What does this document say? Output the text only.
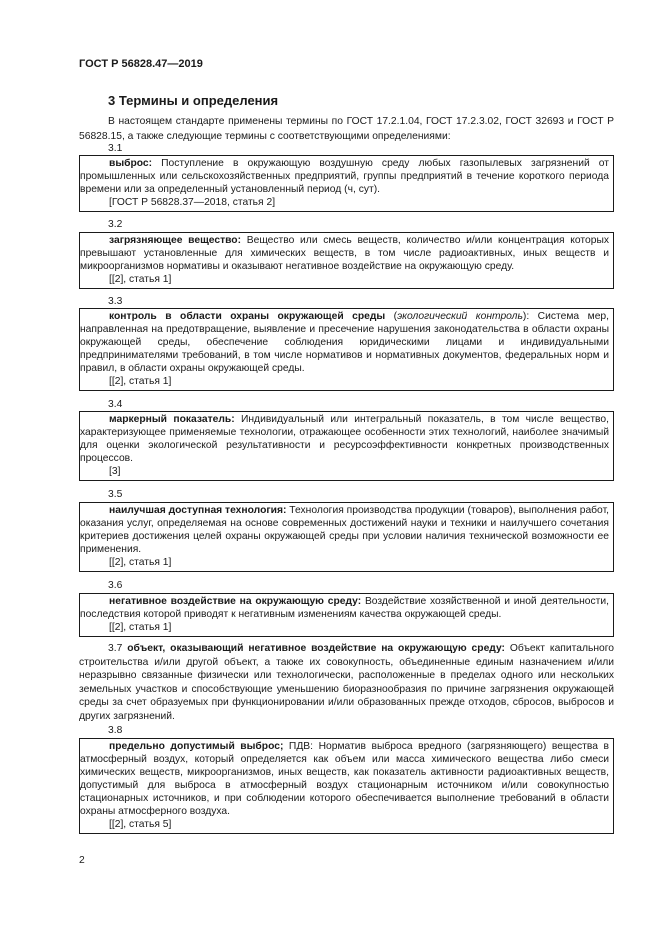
ГОСТ Р 56828.47—2019
3 Термины и определения
В настоящем стандарте применены термины по ГОСТ 17.2.1.04, ГОСТ 17.2.3.02, ГОСТ 32693 и ГОСТ Р 56828.15, а также следующие термины с соответствующими определениями:
3.1

выброс: Поступление в окружающую воздушную среду любых газопылевых загрязнений от промышленных или сельскохозяйственных предприятий, группы предприятий в течение короткого периода времени или за определенный установленный период (ч, сут).

[ГОСТ Р 56828.37—2018, статья 2]

3.2

загрязняющее вещество: Вещество или смесь веществ, количество и/или концентрация которых превышают установленные для химических веществ, в том числе радиоактивных, иных веществ и микроорганизмов нормативы и оказывают негативное воздействие на окружающую среду.

[[2], статья 1]

3.3

контроль в области охраны окружающей среды (экологический контроль): Система мер, направленная на предотвращение, выявление и пресечение нарушения законодательства в области охраны окружающей среды, обеспечение соблюдения юридическими лицами и индивидуальными предпринимателями требований, в том числе нормативов и нормативных документов, федеральных норм и правил, в области охраны окружающей среды.

[[2], статья 1]

3.4

маркерный показатель: Индивидуальный или интегральный показатель, в том числе вещество, характеризующее применяемые технологии, отражающее особенности этих технологий, наиболее значимый для оценки экологической результативности и ресурсоэффективности конкретных производственных процессов.

[3]

3.5

наилучшая доступная технология: Технология производства продукции (товаров), выполнения работ, оказания услуг, определяемая на основе современных достижений науки и техники и наилучшего сочетания критериев достижения целей охраны окружающей среды при условии наличия технической возможности ее применения.

[[2], статья 1]

3.6

негативное воздействие на окружающую среду: Воздействие хозяйственной и иной деятельности, последствия которой приводят к негативным изменениям качества окружающей среды.

[[2], статья 1]

3.7 объект, оказывающий негативное воздействие на окружающую среду: Объект капитального строительства и/или другой объект, а также их совокупность, объединенные единым назначением и/или неразрывно связанные физически или технологически, расположенные в пределах одного или нескольких земельных участков и способствующие уменьшению биоразнообразия по причине загрязнения окружающей среды за счет образуемых при функционировании и/или образованных прежде отходов, сбросов, выбросов и других загрязнений.
3.8

предельно допустимый выброс; ПДВ: Норматив выброса вредного (загрязняющего) вещества в атмосферный воздух, который определяется как объем или масса химического вещества либо смеси химических веществ, микроорганизмов, иных веществ, как показатель активности радиоактивных веществ, допустимый для выброса в атмосферный воздух стационарным источником и/или совокупностью стационарных источников, и при соблюдении которого обеспечивается выполнение требований в области охраны атмосферного воздуха.

[[2], статья 5]

2
